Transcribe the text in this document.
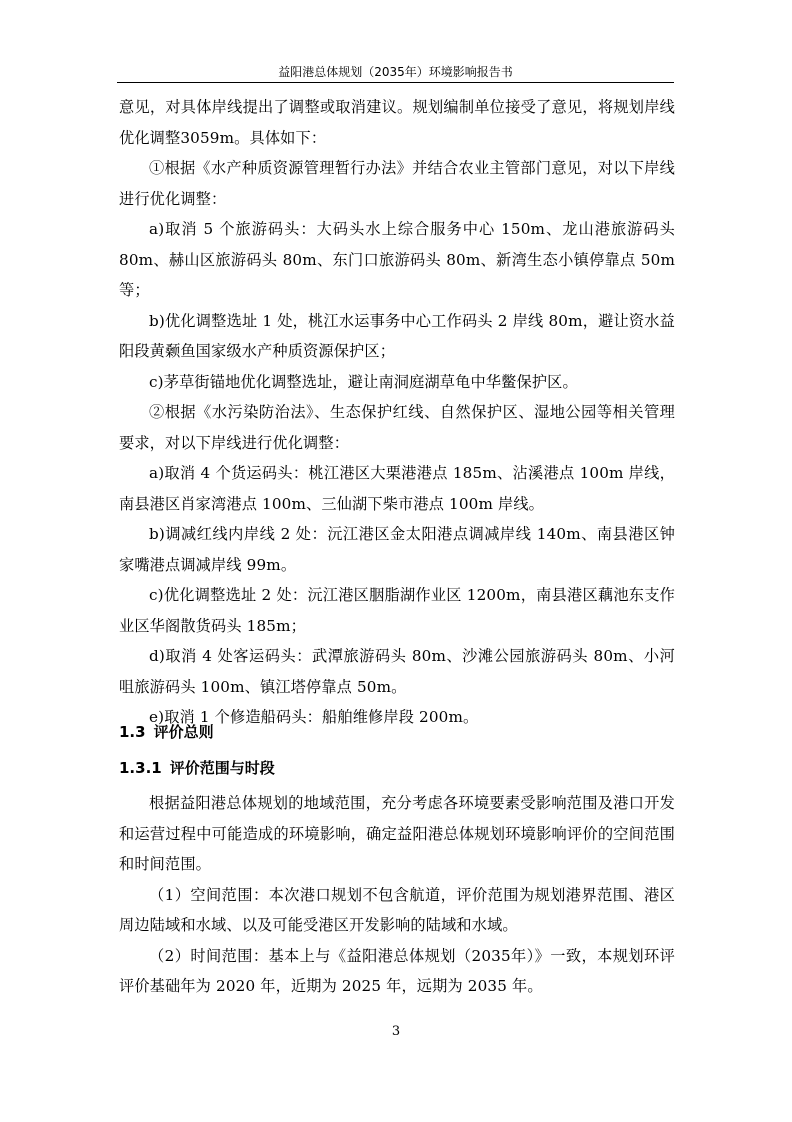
益阳港总体规划（2035年）环境影响报告书

意见，对具体岸线提出了调整或取消建议。规划编制单位接受了意见，将规划岸线优化调整3059m。具体如下：

①根据《水产种质资源管理暂行办法》并结合农业主管部门意见，对以下岸线进行优化调整：

a)取消 5 个旅游码头：大码头水上综合服务中心 150m、龙山港旅游码头 80m、赫山区旅游码头 80m、东门口旅游码头 80m、新湾生态小镇停靠点 50m 等；

b)优化调整选址 1 处，桃江水运事务中心工作码头 2 岸线 80m，避让资水益阳段黄颡鱼国家级水产种质资源保护区；

c)茅草街锚地优化调整选址，避让南洞庭湖草龟中华鳖保护区。

②根据《水污染防治法》、生态保护红线、自然保护区、湿地公园等相关管理要求，对以下岸线进行优化调整：

a)取消 4 个货运码头：桃江港区大栗港港点 185m、沾溪港点 100m 岸线，南县港区肖家湾港点 100m、三仙湖下柴市港点 100m 岸线。

b)调减红线内岸线 2 处：沅江港区金太阳港点调减岸线 140m、南县港区钟家嘴港点调减岸线 99m。

c)优化调整选址 2 处：沅江港区胭脂湖作业区 1200m，南县港区藕池东支作业区华阁散货码头 185m；

d)取消 4 处客运码头：武潭旅游码头 80m、沙滩公园旅游码头 80m、小河咀旅游码头 100m、镇江塔停靠点 50m。

e)取消 1 个修造船码头：船舶维修岸段 200m。

1.3 评价总则
1.3.1 评价范围与时段

根据益阳港总体规划的地域范围，充分考虑各环境要素受影响范围及港口开发和运营过程中可能造成的环境影响，确定益阳港总体规划环境影响评价的空间范围和时间范围。

（1）空间范围：本次港口规划不包含航道，评价范围为规划港界范围、港区周边陆域和水域、以及可能受港区开发影响的陆域和水域。

（2）时间范围：基本上与《益阳港总体规划（2035年）》一致，本规划环评评价基础年为 2020 年，近期为 2025 年，远期为 2035 年。

3
